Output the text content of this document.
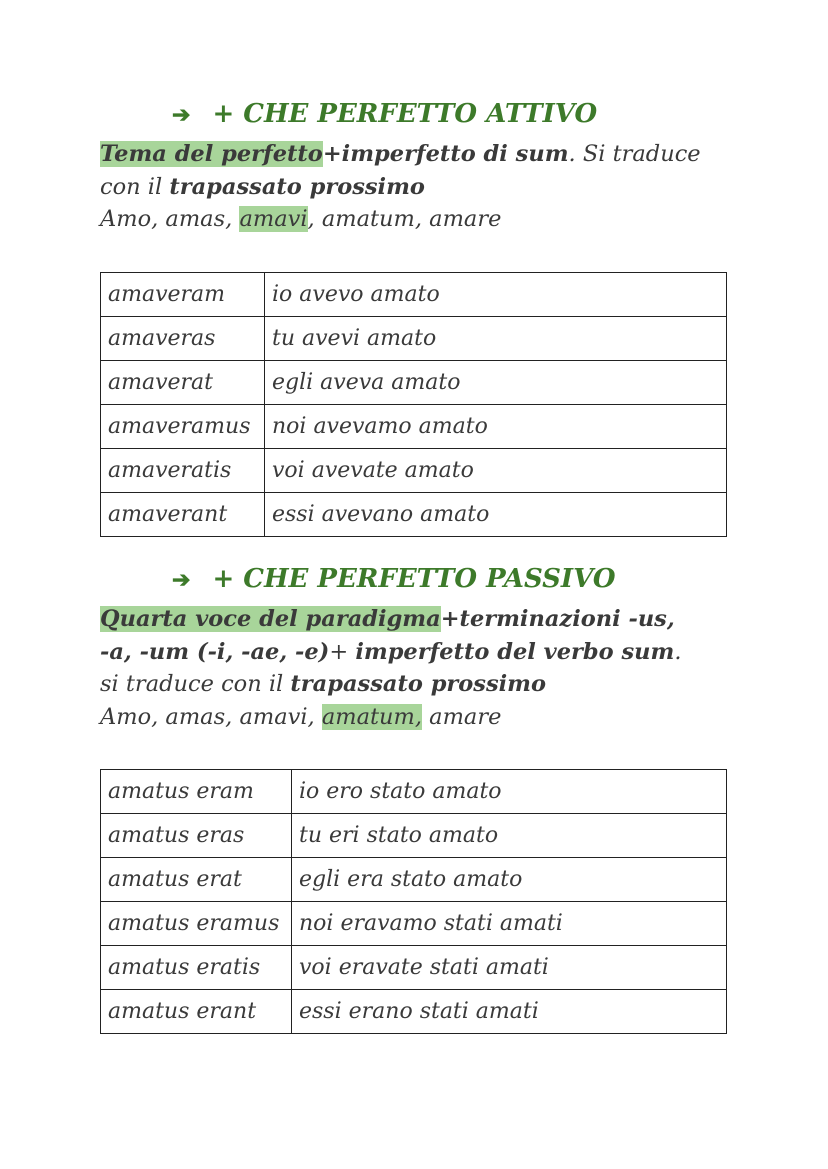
➔ + CHE PERFETTO ATTIVO

Tema del perfetto+imperfetto di sum. Si traduce
con il trapassato prossimo
Amo, amas, amavi, amatum, amare

amaveram	io avevo amato
amaveras	tu avevi amato
amaverat	egli aveva amato
amaveramus	noi avevamo amato
amaveratis	voi avevate amato
amaverant	essi avevano amato
➔ + CHE PERFETTO PASSIVO

Quarta voce del paradigma+terminazioni -us,
-a, -um (-i, -ae, -e)+ imperfetto del verbo sum.
si traduce con il trapassato prossimo
Amo, amas, amavi, amatum, amare

amatus eram	io ero stato amato
amatus eras	tu eri stato amato
amatus erat	egli era stato amato
amatus eramus	noi eravamo stati amati
amatus eratis	voi eravate stati amati
amatus erant	essi erano stati amati
